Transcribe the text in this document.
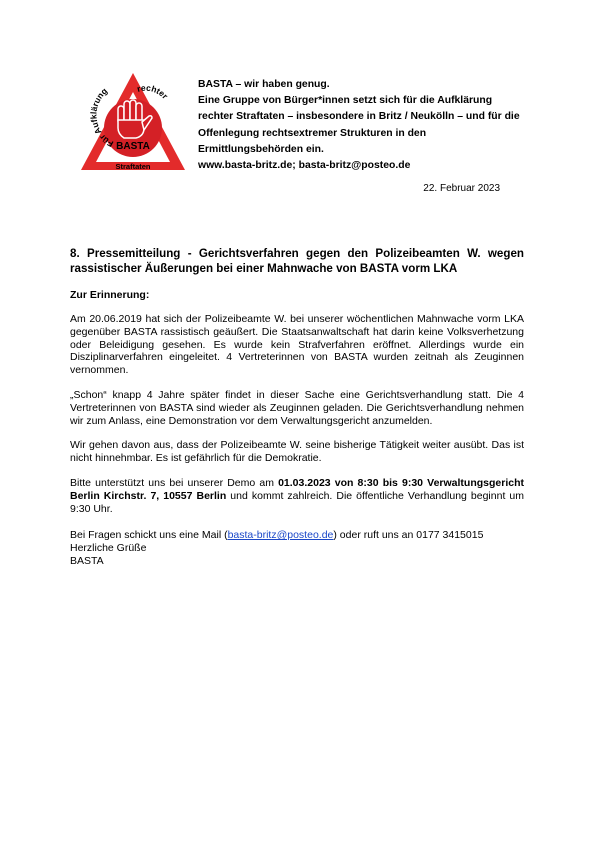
Für Aufklärung	rechter
BASTA
Straftaten
BASTA – wir haben genug.
Eine Gruppe von Bürger*innen setzt sich für die Aufklärung
rechter Straftaten – insbesondere in Britz / Neukölln – und für die
Offenlegung rechtsextremer Strukturen in den
Ermittlungsbehörden ein.
www.basta-britz.de; basta-britz@posteo.de
22. Februar 2023
8. Pressemitteilung - Gerichtsverfahren gegen den Polizeibeamten W. wegen rassistischer Äußerungen bei einer Mahnwache von BASTA vorm LKA
Zur Erinnerung:

Am 20.06.2019 hat sich der Polizeibeamte W. bei unserer wöchentlichen Mahnwache vorm LKA gegenüber BASTA rassistisch geäußert. Die Staatsanwaltschaft hat darin keine Volksverhetzung oder Beleidigung gesehen. Es wurde kein Strafverfahren eröffnet. Allerdings wurde ein Disziplinarverfahren eingeleitet. 4 Vertreterinnen von BASTA wurden zeitnah als Zeuginnen vernommen.

„Schon“ knapp 4 Jahre später findet in dieser Sache eine Gerichtsverhandlung statt. Die 4 Vertreterinnen von BASTA sind wieder als Zeuginnen geladen. Die Gerichtsverhandlung nehmen wir zum Anlass, eine Demonstration vor dem Verwaltungsgericht anzumelden.

Wir gehen davon aus, dass der Polizeibeamte W. seine bisherige Tätigkeit weiter ausübt. Das ist nicht hinnehmbar. Es ist gefährlich für die Demokratie.

Bitte unterstützt uns bei unserer Demo am 01.03.2023 von 8:30 bis 9:30 Verwaltungsgericht Berlin Kirchstr. 7, 10557 Berlin und kommt zahlreich. Die öffentliche Verhandlung beginnt um 9:30 Uhr.

Bei Fragen schickt uns eine Mail (basta-britz@posteo.de) oder ruft uns an 0177 3415015
Herzliche Grüße
BASTA
